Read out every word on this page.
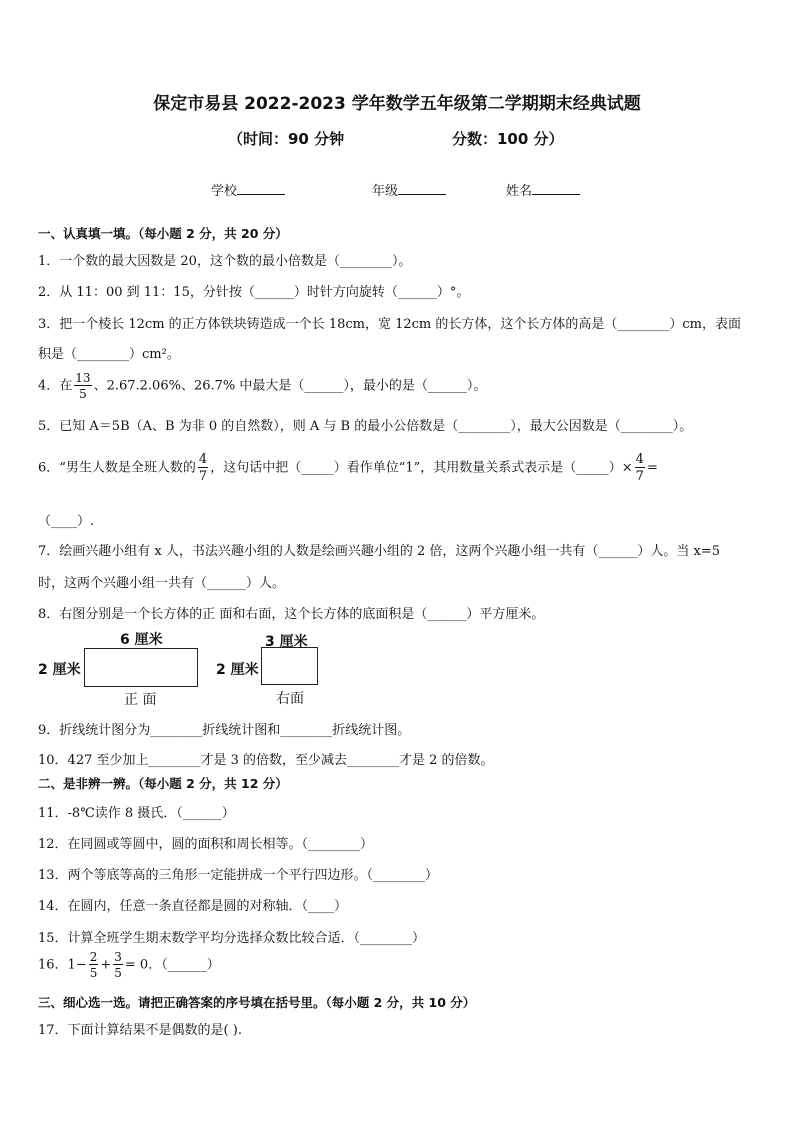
保定市易县 2022-2023 学年数学五年级第二学期期末经典试题
（时间：90 分钟	分数：100 分）
学校	年级	姓名
一、认真填一填。（每小题 2 分，共 20 分）
1．一个数的最大因数是 20，这个数的最小倍数是（________）。
2．从 11：00 到 11：15，分针按（______）时针方向旋转（______）°。
3．把一个棱长 12cm 的正方体铁块铸造成一个长 18cm，宽 12cm 的长方体，这个长方体的高是（________）cm，表面
积是（________）cm²。
4．在 $\frac{13}{5}$ 、2.67.2.06%、26.7% 中最大是（______），最小的是（______）。
5．已知 A＝5B（A、B 为非 0 的自然数），则 A 与 B 的最小公倍数是（________），最大公因数是（________）。
6．“男生人数是全班人数的 $\frac{4}{7}$ ，这句话中把（_____）看作单位“1”，其用数量关系式表示是（_____）× $\frac{4}{7}$ =
（____）.
7．绘画兴趣小组有 x 人，书法兴趣小组的人数是绘画兴趣小组的 2 倍，这两个兴趣小组一共有（______）人。当 x=5
时，这两个兴趣小组一共有（______）人。
8．右图分别是一个长方体的正 面和右面，这个长方体的底面积是（______）平方厘米。
6 厘米
2 厘米
正 面
3 厘米
2 厘米
右面
9．折线统计图分为________折线统计图和________折线统计图。
10．427 至少加上________才是 3 的倍数，至少减去________才是 2 的倍数。
二、是非辨一辨。（每小题 2 分，共 12 分）
11．-8℃读作 8 摄氏．（______）
12．在同圆或等圆中，圆的面积和周长相等。（________）
13．两个等底等高的三角形一定能拼成一个平行四边形。（________）
14．在圆内，任意一条直径都是圆的对称轴．（____）
15．计算全班学生期末数学平均分选择众数比较合适．（________）
16．$1- \frac{2}{5} + \frac{3}{5} = 0$．（______）
三、细心选一选。请把正确答案的序号填在括号里。（每小题 2 分，共 10 分）
17．下面计算结果不是偶数的是( ).
